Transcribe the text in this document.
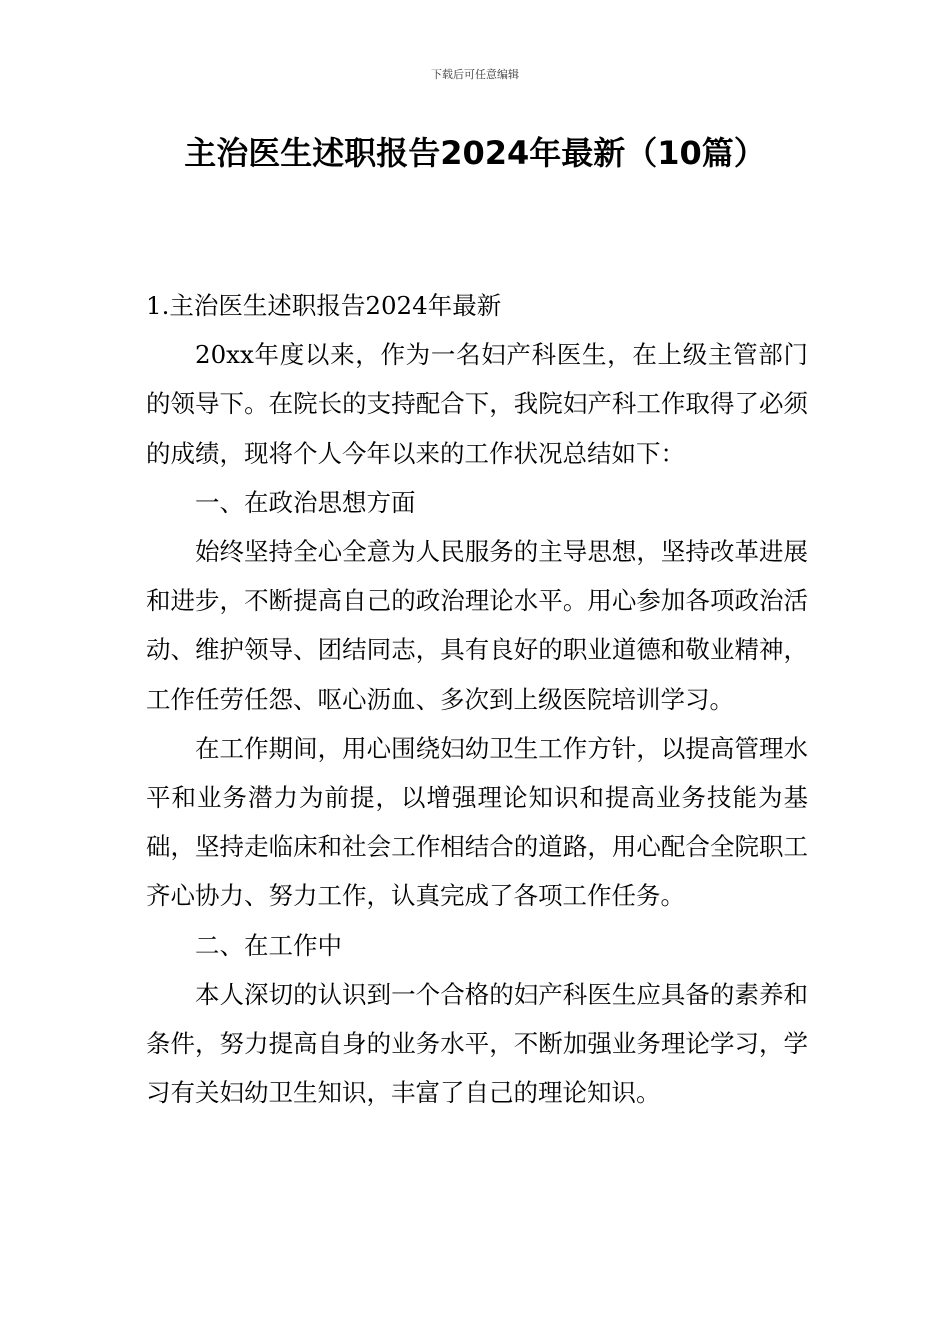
下载后可任意编辑
主治医生述职报告2024年最新（10篇）

1.主治医生述职报告2024年最新

20xx年度以来，作为一名妇产科医生，在上级主管部门的领导下。在院长的支持配合下，我院妇产科工作取得了必须的成绩，现将个人今年以来的工作状况总结如下：

一、在政治思想方面

始终坚持全心全意为人民服务的主导思想，坚持改革进展和进步，不断提高自己的政治理论水平。用心参加各项政治活动、维护领导、团结同志，具有良好的职业道德和敬业精神，工作任劳任怨、呕心沥血、多次到上级医院培训学习。

在工作期间，用心围绕妇幼卫生工作方针，以提高管理水平和业务潜力为前提，以增强理论知识和提高业务技能为基础，坚持走临床和社会工作相结合的道路，用心配合全院职工齐心协力、努力工作，认真完成了各项工作任务。

二、在工作中

本人深切的认识到一个合格的妇产科医生应具备的素养和条件，努力提高自身的业务水平，不断加强业务理论学习，学习有关妇幼卫生知识，丰富了自己的理论知识。
